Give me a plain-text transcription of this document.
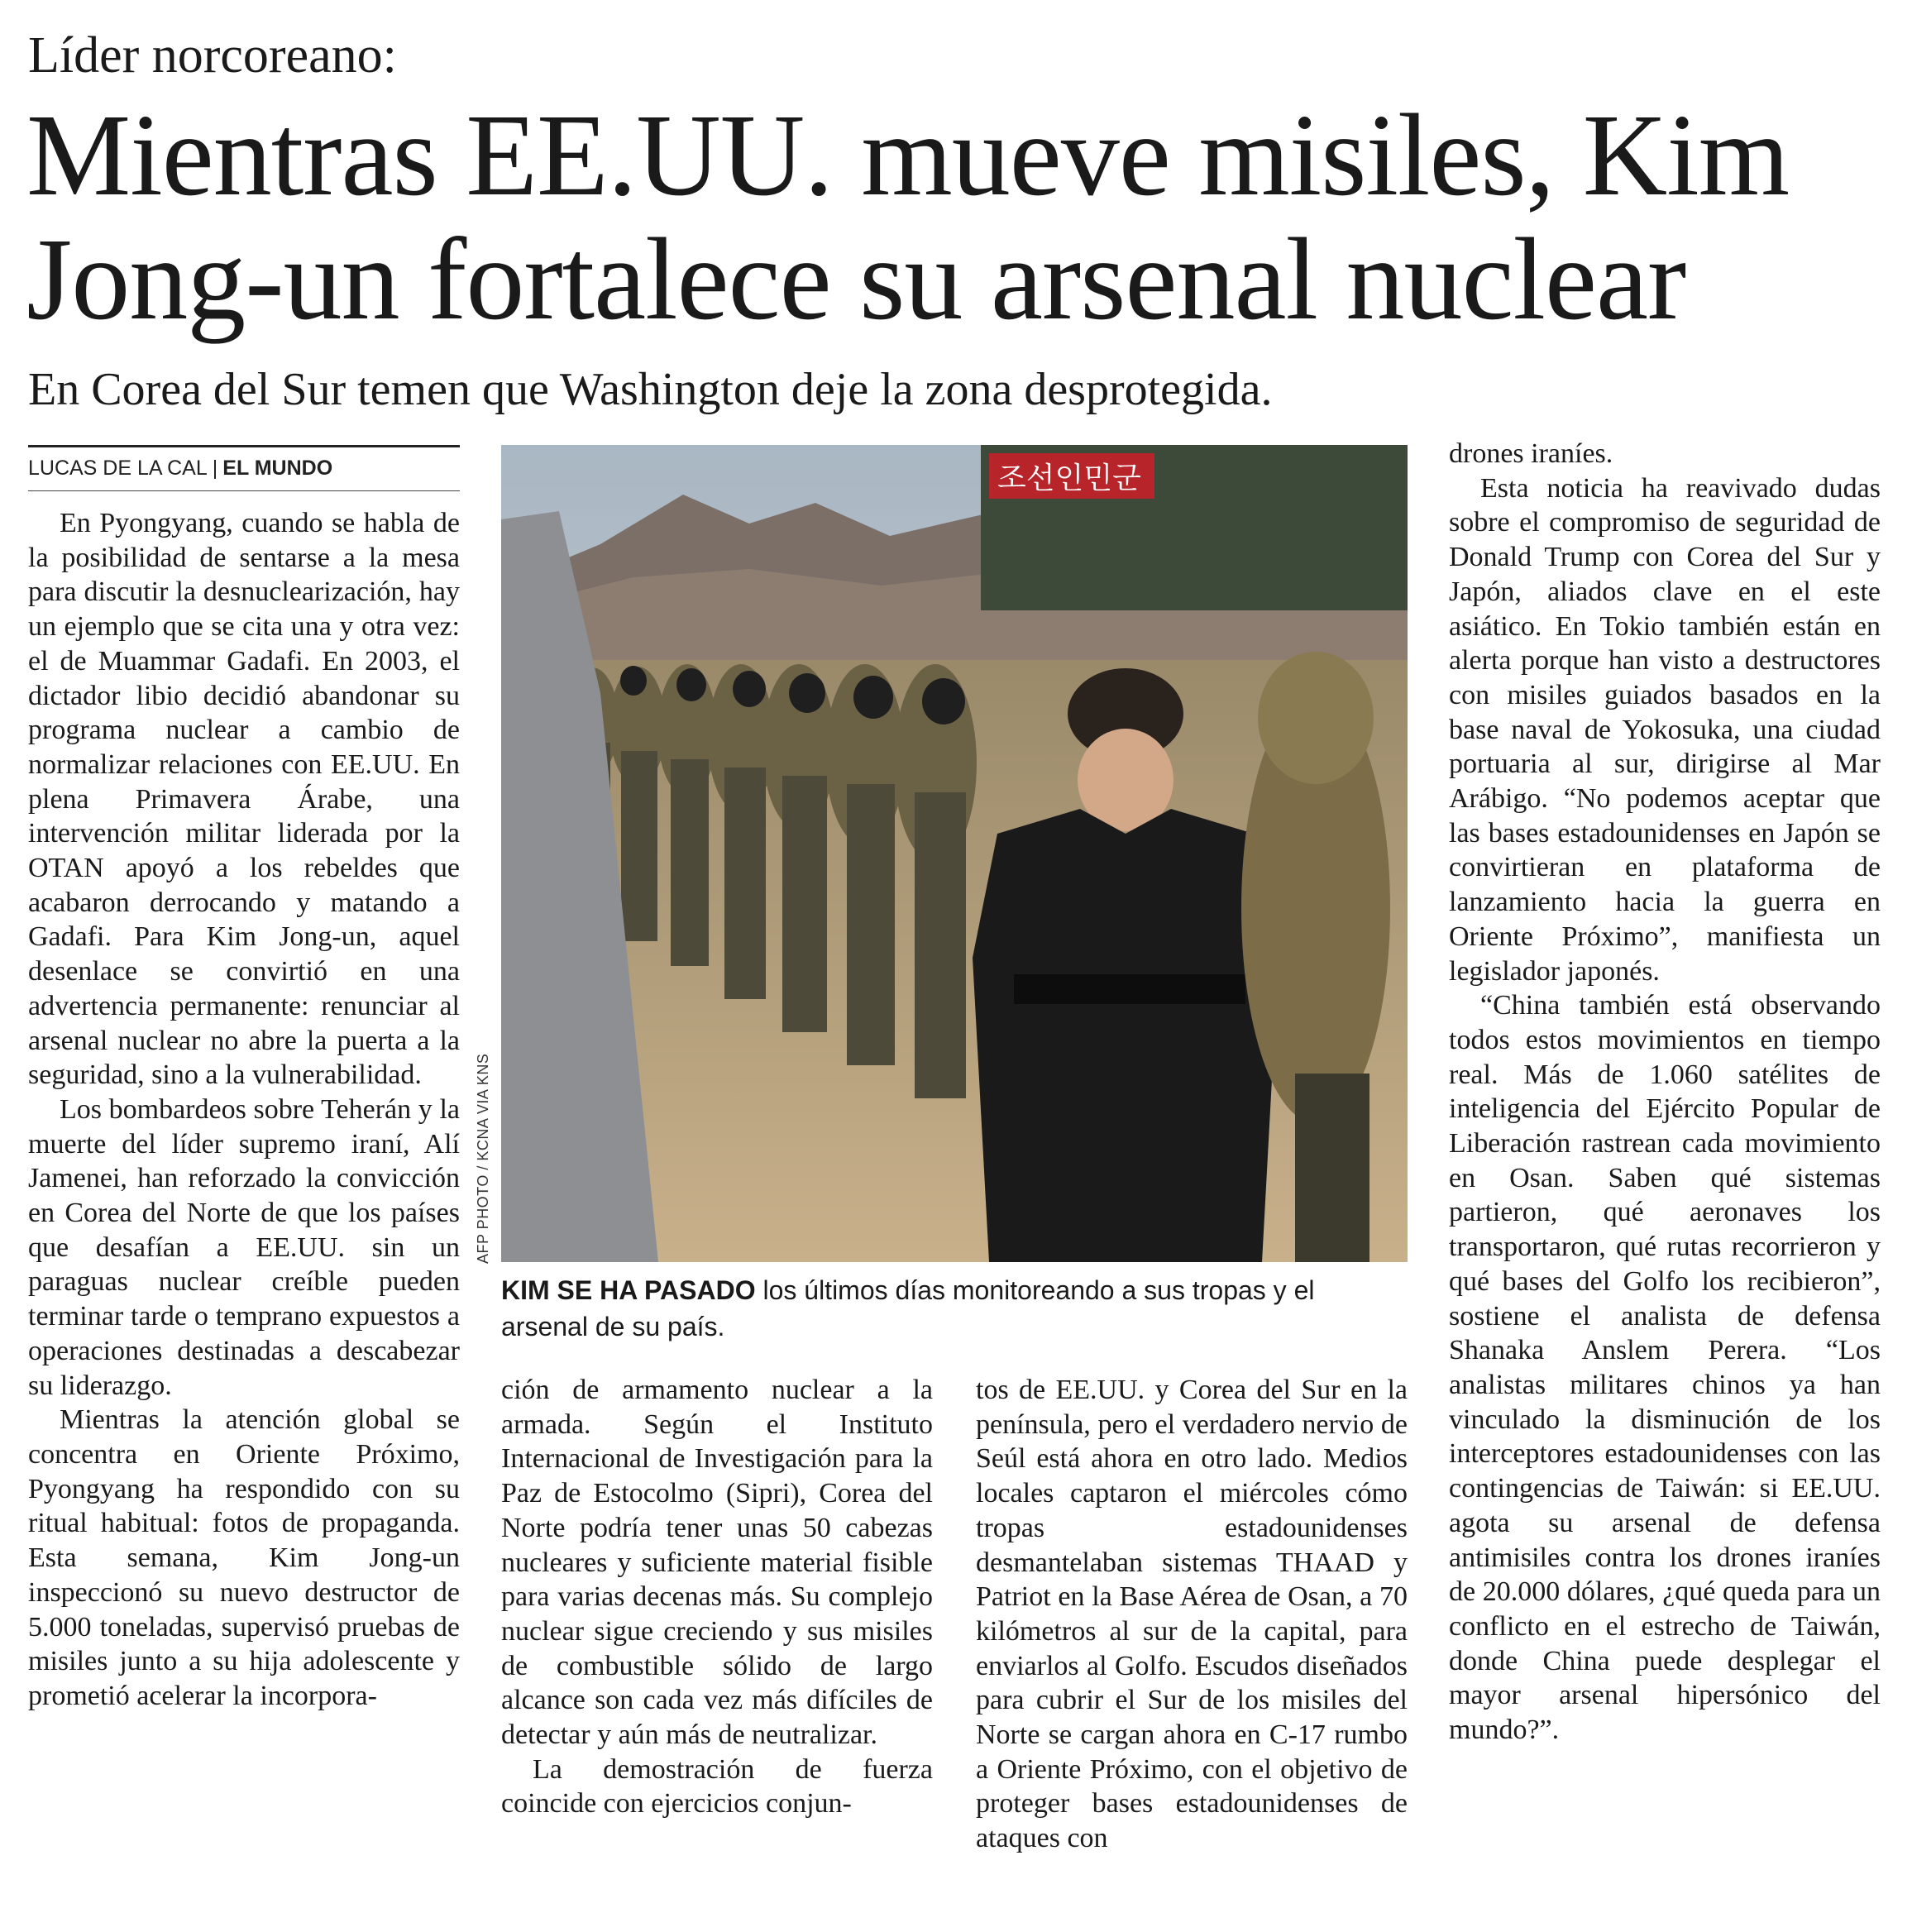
Líder norcoreano:
Mientras EE.UU. mueve misiles, Kim
Jong-un fortalece su arsenal nuclear
En Corea del Sur temen que Washington deje la zona desprotegida.
LUCAS DE LA CAL | EL MUNDO

En Pyongyang, cuando se habla de la posibilidad de sentarse a la mesa para discutir la desnuclearización, hay un ejemplo que se cita una y otra vez: el de Muammar Gadafi. En 2003, el dictador libio decidió abandonar su programa nuclear a cambio de normalizar relaciones con EE.UU. En plena Primavera Árabe, una intervención militar liderada por la OTAN apoyó a los rebeldes que acabaron derrocando y matando a Gadafi. Para Kim Jong-un, aquel desenlace se convirtió en una advertencia permanente: renunciar al arsenal nuclear no abre la puerta a la seguridad, sino a la vulnerabilidad.

Los bombardeos sobre Teherán y la muerte del líder supremo iraní, Alí Jamenei, han reforzado la convicción en Corea del Norte de que los países que desafían a EE.UU. sin un paraguas nuclear creíble pueden terminar tarde o temprano expuestos a operaciones destinadas a descabezar su liderazgo.

Mientras la atención global se concentra en Oriente Próximo, Pyongyang ha respondido con su ritual habitual: fotos de propaganda. Esta semana, Kim Jong-un inspeccionó su nuevo destructor de 5.000 toneladas, supervisó pruebas de misiles junto a su hija adolescente y prometió acelerar la incorpora-

조선인민군
AFP PHOTO / KCNA VIA KNS
KIM SE HA PASADO los últimos días monitoreando a sus tropas y el arsenal de su país.

ción de armamento nuclear a la armada. Según el Instituto Internacional de Investigación para la Paz de Estocolmo (Sipri), Corea del Norte podría tener unas 50 cabezas nucleares y suficiente material fisible para varias decenas más. Su complejo nuclear sigue creciendo y sus misiles de combustible sólido de largo alcance son cada vez más difíciles de detectar y aún más de neutralizar.

La demostración de fuerza coincide con ejercicios conjun-

tos de EE.UU. y Corea del Sur en la península, pero el verdadero nervio de Seúl está ahora en otro lado. Medios locales captaron el miércoles cómo tropas estadounidenses desmantelaban sistemas THAAD y Patriot en la Base Aérea de Osan, a 70 kilómetros al sur de la capital, para enviarlos al Golfo. Escudos diseñados para cubrir el Sur de los misiles del Norte se cargan ahora en C-17 rumbo a Oriente Próximo, con el objetivo de proteger bases estadounidenses de ataques con

drones iraníes.

Esta noticia ha reavivado dudas sobre el compromiso de seguridad de Donald Trump con Corea del Sur y Japón, aliados clave en el este asiático. En Tokio también están en alerta porque han visto a destructores con misiles guiados basados en la base naval de Yokosuka, una ciudad portuaria al sur, dirigirse al Mar Arábigo. “No podemos aceptar que las bases estadounidenses en Japón se convirtieran en plataforma de lanzamiento hacia la guerra en Oriente Próximo”, manifiesta un legislador japonés.

“China también está observando todos estos movimientos en tiempo real. Más de 1.060 satélites de inteligencia del Ejército Popular de Liberación rastrean cada movimiento en Osan. Saben qué sistemas partieron, qué aeronaves los transportaron, qué rutas recorrieron y qué bases del Golfo los recibieron”, sostiene el analista de defensa Shanaka Anslem Perera. “Los analistas militares chinos ya han vinculado la disminución de los interceptores estadounidenses con las contingencias de Taiwán: si EE.UU. agota su arsenal de defensa antimisiles contra los drones iraníes de 20.000 dólares, ¿qué queda para un conflicto en el estrecho de Taiwán, donde China puede desplegar el mayor arsenal hipersónico del mundo?”.
